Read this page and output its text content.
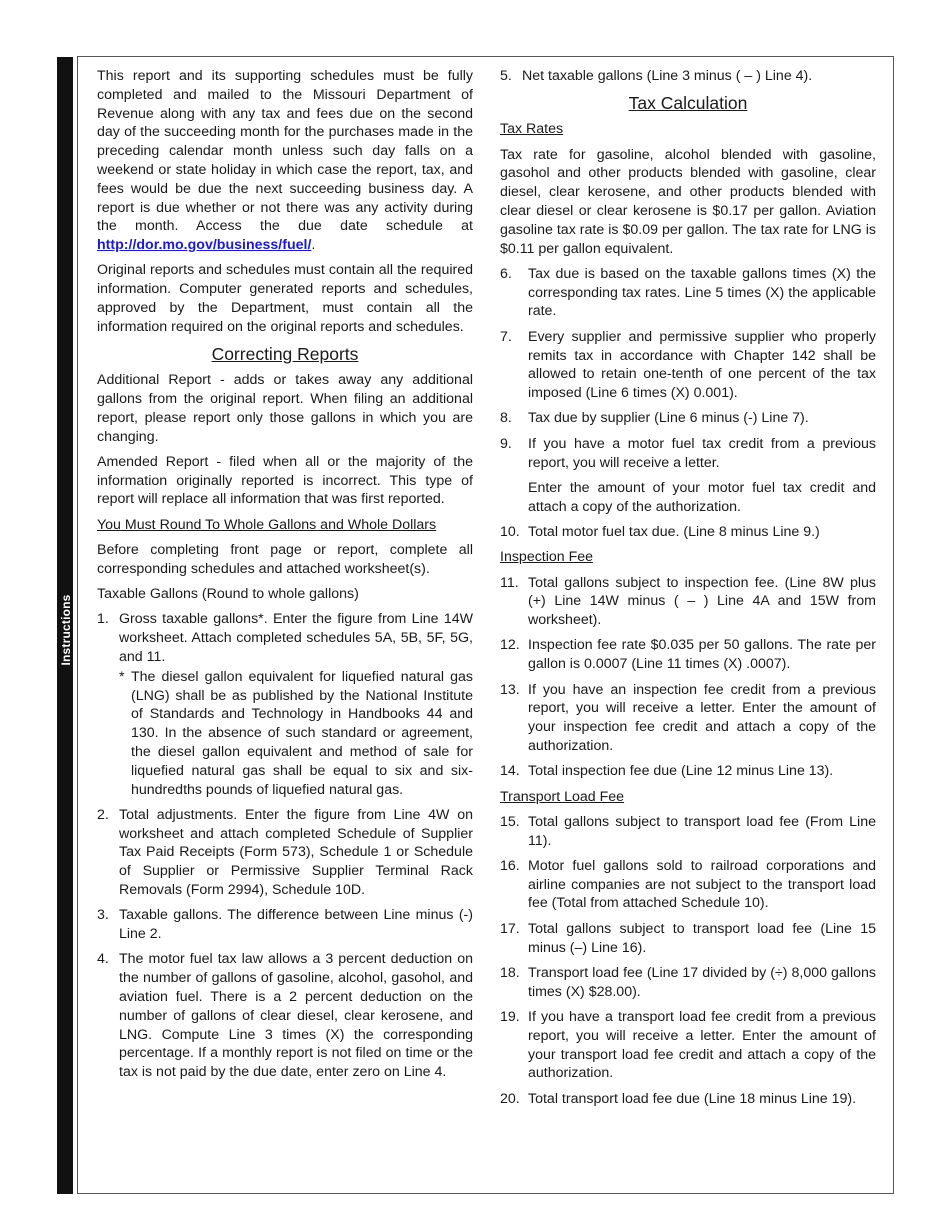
Instructions

This report and its supporting schedules must be fully completed and mailed to the Missouri Department of Revenue along with any tax and fees due on the second day of the succeeding month for the purchases made in the preceding calendar month unless such day falls on a weekend or state holiday in which case the report, tax, and fees would be due the next succeeding business day. A report is due whether or not there was any activity during the month. Access the due date schedule at http://dor.mo.gov/business/fuel/.

Original reports and schedules must contain all the required information. Computer generated reports and schedules, approved by the Department, must contain all the information required on the original reports and schedules.

Correcting Reports

Additional Report - adds or takes away any additional gallons from the original report. When filing an additional report, please report only those gallons in which you are changing.

Amended Report - filed when all or the majority of the information originally reported is incorrect. This type of report will replace all information that was first reported.

You Must Round To Whole Gallons and Whole Dollars

Before completing front page or report, complete all corresponding schedules and attached worksheet(s).

Taxable Gallons (Round to whole gallons)

1. Gross taxable gallons*. Enter the figure from Line 14W worksheet. Attach completed schedules 5A, 5B, 5F, 5G, and 11.
* The diesel gallon equivalent for liquefied natural gas (LNG) shall be as published by the National Institute of Standards and Technology in Handbooks 44 and 130. In the absence of such standard or agreement, the diesel gallon equivalent and method of sale for liquefied natural gas shall be equal to six and six-hundredths pounds of liquefied natural gas.
2. Total adjustments. Enter the figure from Line 4W on worksheet and attach completed Schedule of Supplier Tax Paid Receipts (Form 573), Schedule 1 or Schedule of Supplier or Permissive Supplier Terminal Rack Removals (Form 2994), Schedule 10D.
3. Taxable gallons. The difference between Line minus (-) Line 2.
4. The motor fuel tax law allows a 3 percent deduction on the number of gallons of gasoline, alcohol, gasohol, and aviation fuel. There is a 2 percent deduction on the number of gallons of clear diesel, clear kerosene, and LNG. Compute Line 3 times (X) the corresponding percentage. If a monthly report is not filed on time or the tax is not paid by the due date, enter zero on Line 4.
5. Net taxable gallons (Line 3 minus ( – ) Line 4).
Tax Calculation

Tax Rates

Tax rate for gasoline, alcohol blended with gasoline, gasohol and other products blended with gasoline, clear diesel, clear kerosene, and other products blended with clear diesel or clear kerosene is $0.17 per gallon. Aviation gasoline tax rate is $0.09 per gallon. The tax rate for LNG is $0.11 per gallon equivalent.

6.	Tax due is based on the taxable gallons times (X) the corresponding tax rates. Line 5 times (X) the applicable rate.
7.	Every supplier and permissive supplier who properly remits tax in accordance with Chapter 142 shall be allowed to retain one-tenth of one percent of the tax imposed (Line 6 times (X) 0.001).
8.	Tax due by supplier (Line 6 minus (-) Line 7).
9.	If you have a motor fuel tax credit from a previous report, you will receive a letter.

Enter the amount of your motor fuel tax credit and attach a copy of the authorization.

10. Total motor fuel tax due. (Line 8 minus Line 9.)

Inspection Fee

11. Total gallons subject to inspection fee. (Line 8W plus (+) Line 14W minus ( – ) Line 4A and 15W from worksheet).
12. Inspection fee rate $0.035 per 50 gallons. The rate per gallon is 0.0007 (Line 11 times (X) .0007).
13. If you have an inspection fee credit from a previous report, you will receive a letter. Enter the amount of your inspection fee credit and attach a copy of the authorization.
14. Total inspection fee due (Line 12 minus Line 13).

Transport Load Fee

15. Total gallons subject to transport load fee (From Line 11).
16. Motor fuel gallons sold to railroad corporations and airline companies are not subject to the transport load fee (Total from attached Schedule 10).
17. Total gallons subject to transport load fee (Line 15 minus (–) Line 16).
18. Transport load fee (Line 17 divided by (÷) 8,000 gallons times (X) $28.00).
19. If you have a transport load fee credit from a previous report, you will receive a letter. Enter the amount of your transport load fee credit and attach a copy of the authorization.
20. Total transport load fee due (Line 18 minus Line 19).
